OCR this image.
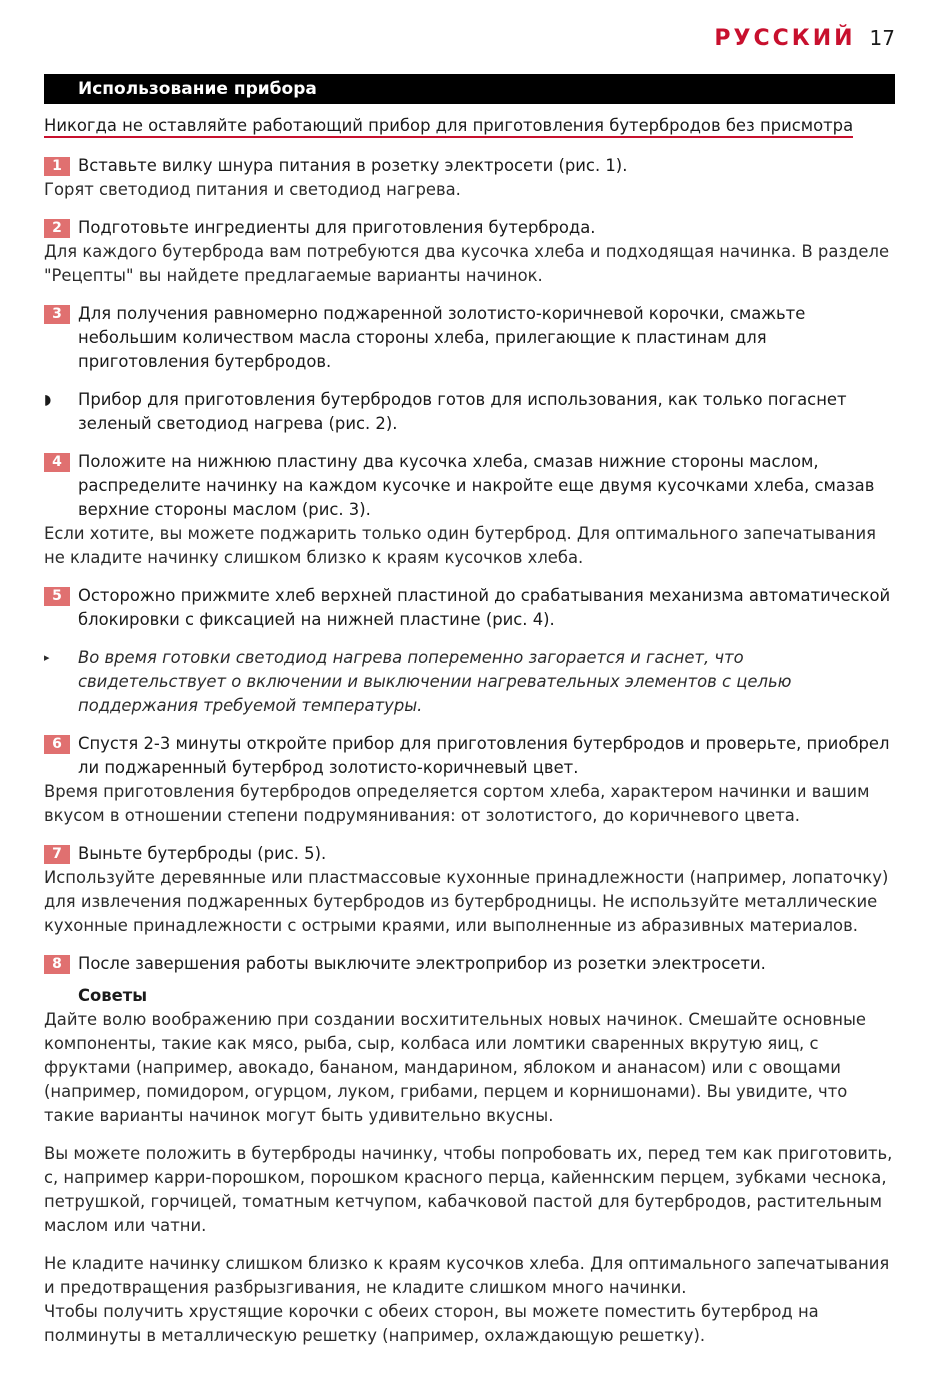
РУССКИЙ 17
Использование прибора

Никогда не оставляйте работающий прибор для приготовления бутербродов без присмотра

1 Вставьте вилку шнура питания в розетку электросети (рис. 1).

Горят светодиод питания и светодиод нагрева.

2 Подготовьте ингредиенты для приготовления бутерброда.

Для каждого бутерброда вам потребуются два кусочка хлеба и подходящая начинка. В разделе "Рецепты" вы найдете предлагаемые варианты начинок.

3 Для получения равномерно поджаренной золотисто-коричневой корочки, смажьте небольшим количеством масла стороны хлеба, прилегающие к пластинам для приготовления бутербродов.
◗ Прибор для приготовления бутербродов готов для использования, как только погаснет зеленый светодиод нагрева (рис. 2).
4 Положите на нижнюю пластину два кусочка хлеба, смазав нижние стороны маслом, распределите начинку на каждом кусочке и накройте еще двумя кусочками хлеба, смазав верхние стороны маслом (рис. 3).

Если хотите, вы можете поджарить только один бутерброд. Для оптимального запечатывания не кладите начинку слишком близко к краям кусочков хлеба.

5 Осторожно прижмите хлеб верхней пластиной до срабатывания механизма автоматической блокировки с фиксацией на нижней пластине (рис. 4).
▸ Во время готовки светодиод нагрева попеременно загорается и гаснет, что свидетельствует о включении и выключении нагревательных элементов с целью поддержания требуемой температуры.
6 Спустя 2-3 минуты откройте прибор для приготовления бутербродов и проверьте, приобрел ли поджаренный бутерброд золотисто-коричневый цвет.

Время приготовления бутербродов определяется сортом хлеба, характером начинки и вашим вкусом в отношении степени подрумянивания: от золотистого, до коричневого цвета.

7 Выньте бутерброды (рис. 5).

Используйте деревянные или пластмассовые кухонные принадлежности (например, лопаточку) для извлечения поджаренных бутербродов из бутербродницы. Не используйте металлические кухонные принадлежности с острыми краями, или выполненные из абразивных материалов.

8 После завершения работы выключите электроприбор из розетки электросети.

Советы

Дайте волю воображению при создании восхитительных новых начинок. Смешайте основные компоненты, такие как мясо, рыба, сыр, колбаса или ломтики сваренных вкрутую яиц, с фруктами (например, авокадо, бананом, мандарином, яблоком и ананасом) или с овощами (например, помидором, огурцом, луком, грибами, перцем и корнишонами). Вы увидите, что такие варианты начинок могут быть удивительно вкусны.

Вы можете положить в бутерброды начинку, чтобы попробовать их, перед тем как приготовить, с, например карри-порошком, порошком красного перца, кайеннским перцем, зубками чеснока, петрушкой, горчицей, томатным кетчупом, кабачковой пастой для бутербродов, растительным маслом или чатни.

Не кладите начинку слишком близко к краям кусочков хлеба. Для оптимального запечатывания и предотвращения разбрызгивания, не кладите слишком много начинки.

Чтобы получить хрустящие корочки с обеих сторон, вы можете поместить бутерброд на полминуты в металлическую решетку (например, охлаждающую решетку).
